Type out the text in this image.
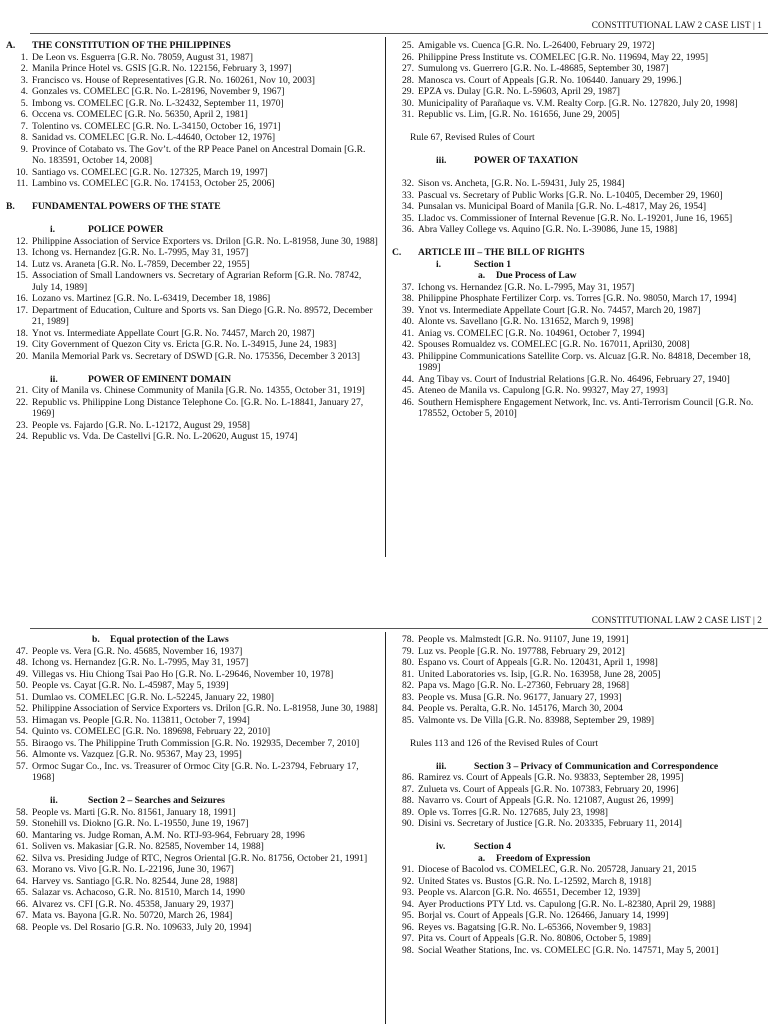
CONSTITUTIONAL LAW 2 CASE LIST | 1
A.	THE CONSTITUTION OF THE PHILIPPINES
1. De Leon vs. Esguerra [G.R. No. 78059, August 31, 1987]
2. Manila Prince Hotel vs. GSIS [G.R. No. 122156, February 3, 1997]
3. Francisco vs. House of Representatives [G.R. No. 160261, Nov 10, 2003]
4. Gonzales vs. COMELEC [G.R. No. L-28196, November 9, 1967]
5. Imbong vs. COMELEC [G.R. No. L-32432, September 11, 1970]
6. Occena vs. COMELEC [G.R. No. 56350, April 2, 1981]
7. Tolentino vs. COMELEC [G.R. No. L-34150, October 16, 1971]
8. Sanidad vs. COMELEC [G.R. No. L-44640, October 12, 1976]
9. Province of Cotabato vs. The Gov’t. of the RP Peace Panel on Ancestral Domain [G.R. No. 183591, October 14, 2008]
10. Santiago vs. COMELEC [G.R. No. 127325, March 19, 1997]
11. Lambino vs. COMELEC [G.R. No. 174153, October 25, 2006]
B.	FUNDAMENTAL POWERS OF THE STATE
i.	POLICE POWER
12. Philippine Association of Service Exporters vs. Drilon [G.R. No. L-81958, June 30, 1988]
13. Ichong vs. Hernandez [G.R. No. L-7995, May 31, 1957]
14. Lutz vs. Araneta [G.R. No. L-7859, December 22, 1955]
15. Association of Small Landowners vs. Secretary of Agrarian Reform [G.R. No. 78742, July 14, 1989]
16. Lozano vs. Martinez [G.R. No. L-63419, December 18, 1986]
17. Department of Education, Culture and Sports vs. San Diego [G.R. No. 89572, December 21, 1989]
18. Ynot vs. Intermediate Appellate Court [G.R. No. 74457, March 20, 1987]
19. City Government of Quezon City vs. Ericta [G.R. No. L-34915, June 24, 1983]
20. Manila Memorial Park vs. Secretary of DSWD [G.R. No. 175356, December 3 2013]
ii.	POWER OF EMINENT DOMAIN
21. City of Manila vs. Chinese Community of Manila [G.R. No. 14355, October 31, 1919]
22. Republic vs. Philippine Long Distance Telephone Co. [G.R. No. L-18841, January 27, 1969]
23. People vs. Fajardo [G.R. No. L-12172, August 29, 1958]
24. Republic vs. Vda. De Castellvi [G.R. No. L-20620, August 15, 1974]
25. Amigable vs. Cuenca [G.R. No. L-26400, February 29, 1972]
26. Philippine Press Institute vs. COMELEC [G.R. No. 119694, May 22, 1995]
27. Sumulong vs. Guerrero [G.R. No. L-48685, September 30, 1987]
28. Manosca vs. Court of Appeals [G.R. No. 106440. January 29, 1996.]
29. EPZA vs. Dulay [G.R. No. L-59603, April 29, 1987]
30. Municipality of Parañaque vs. V.M. Realty Corp. [G.R. No. 127820, July 20, 1998]
31. Republic vs. Lim, [G.R. No. 161656, June 29, 2005]
Rule 67, Revised Rules of Court
iii.	POWER OF TAXATION
32. Sison vs. Ancheta, [G.R. No. L-59431, July 25, 1984]
33. Pascual vs. Secretary of Public Works [G.R. No. L-10405, December 29, 1960]
34. Punsalan vs. Municipal Board of Manila [G.R. No. L-4817, May 26, 1954]
35. Lladoc vs. Commissioner of Internal Revenue [G.R. No. L-19201, June 16, 1965]
36. Abra Valley College vs. Aquino [G.R. No. L-39086, June 15, 1988]
C.	ARTICLE III – THE BILL OF RIGHTS
i.	Section 1
a. Due Process of Law
37. Ichong vs. Hernandez [G.R. No. L-7995, May 31, 1957]
38. Philippine Phosphate Fertilizer Corp. vs. Torres [G.R. No. 98050, March 17, 1994]
39. Ynot vs. Intermediate Appellate Court [G.R. No. 74457, March 20, 1987]
40. Alonte vs. Savellano [G.R. No. 131652, March 9, 1998]
41. Aniag vs. COMELEC [G.R. No. 104961, October 7, 1994]
42. Spouses Romualdez vs. COMELEC [G.R. No. 167011, April30, 2008]
43. Philippine Communications Satellite Corp. vs. Alcuaz [G.R. No. 84818, December 18, 1989]
44. Ang Tibay vs. Court of Industrial Relations [G.R. No. 46496, February 27, 1940]
45. Ateneo de Manila vs. Capulong [G.R. No. 99327, May 27, 1993]
46. Southern Hemisphere Engagement Network, Inc. vs. Anti-Terrorism Council [G.R. No. 178552, October 5, 2010]
CONSTITUTIONAL LAW 2 CASE LIST | 2
b. Equal protection of the Laws
47. People vs. Vera [G.R. No. 45685, November 16, 1937]
48. Ichong vs. Hernandez [G.R. No. L-7995, May 31, 1957]
49. Villegas vs. Hiu Chiong Tsai Pao Ho [G.R. No. L-29646, November 10, 1978]
50. People vs. Cayat [G.R. No. L-45987, May 5, 1939]
51. Dumlao vs. COMELEC [G.R. No. L-52245, January 22, 1980]
52. Philippine Association of Service Exporters vs. Drilon [G.R. No. L-81958, June 30, 1988]
53. Himagan vs. People [G.R. No. 113811, October 7, 1994]
54. Quinto vs. COMELEC [G.R. No. 189698, February 22, 2010]
55. Biraogo vs. The Philippine Truth Commission [G.R. No. 192935, December 7, 2010]
56. Almonte vs. Vazquez [G.R. No. 95367, May 23, 1995]
57. Ormoc Sugar Co., Inc. vs. Treasurer of Ormoc City [G.R. No. L-23794, February 17, 1968]
ii.	Section 2 – Searches and Seizures
58. People vs. Marti [G.R. No. 81561, January 18, 1991]
59. Stonehill vs. Diokno [G.R. No. L-19550, June 19, 1967]
60. Mantaring vs. Judge Roman, A.M. No. RTJ-93-964, February 28, 1996
61. Soliven vs. Makasiar [G.R. No. 82585, November 14, 1988]
62. Silva vs. Presiding Judge of RTC, Negros Oriental [G.R. No. 81756, October 21, 1991]
63. Morano vs. Vivo [G.R. No. L-22196, June 30, 1967]
64. Harvey vs. Santiago [G.R. No. 82544, June 28, 1988]
65. Salazar vs. Achacoso, G.R. No. 81510, March 14, 1990
66. Alvarez vs. CFI [G.R. No. 45358, January 29, 1937]
67. Mata vs. Bayona [G.R. No. 50720, March 26, 1984]
68. People vs. Del Rosario [G.R. No. 109633, July 20, 1994]
78. People vs. Malmstedt [G.R. No. 91107, June 19, 1991]
79. Luz vs. People [G.R. No. 197788, February 29, 2012]
80. Espano vs. Court of Appeals [G.R. No. 120431, April 1, 1998]
81. United Laboratories vs. Isip, [G.R. No. 163958, June 28, 2005]
82. Papa vs. Mago [G.R. No. L-27360, February 28, 1968]
83. People vs. Musa [G.R. No. 96177, January 27, 1993]
84. People vs. Peralta, G.R. No. 145176, March 30, 2004
85. Valmonte vs. De Villa [G.R. No. 83988, September 29, 1989]
Rules 113 and 126 of the Revised Rules of Court
iii.	Section 3 – Privacy of Communication and Correspondence
86. Ramirez vs. Court of Appeals [G.R. No. 93833, September 28, 1995]
87. Zulueta vs. Court of Appeals [G.R. No. 107383, February 20, 1996]
88. Navarro vs. Court of Appeals [G.R. No. 121087, August 26, 1999]
89. Ople vs. Torres [G.R. No. 127685, July 23, 1998]
90. Disini vs. Secretary of Justice [G.R. No. 203335, February 11, 2014]
iv.	Section 4
a. Freedom of Expression
91. Diocese of Bacolod vs. COMELEC, G.R. No. 205728, January 21, 2015
92. United States vs. Bustos [G.R. No. L-12592, March 8, 1918]
93. People vs. Alarcon [G.R. No. 46551, December 12, 1939]
94. Ayer Productions PTY Ltd. vs. Capulong [G.R. No. L-82380, April 29, 1988]
95. Borjal vs. Court of Appeals [G.R. No. 126466, January 14, 1999]
96. Reyes vs. Bagatsing [G.R. No. L-65366, November 9, 1983]
97. Pita vs. Court of Appeals [G.R. No. 80806, October 5, 1989]
98. Social Weather Stations, Inc. vs. COMELEC [G.R. No. 147571, May 5, 2001]
